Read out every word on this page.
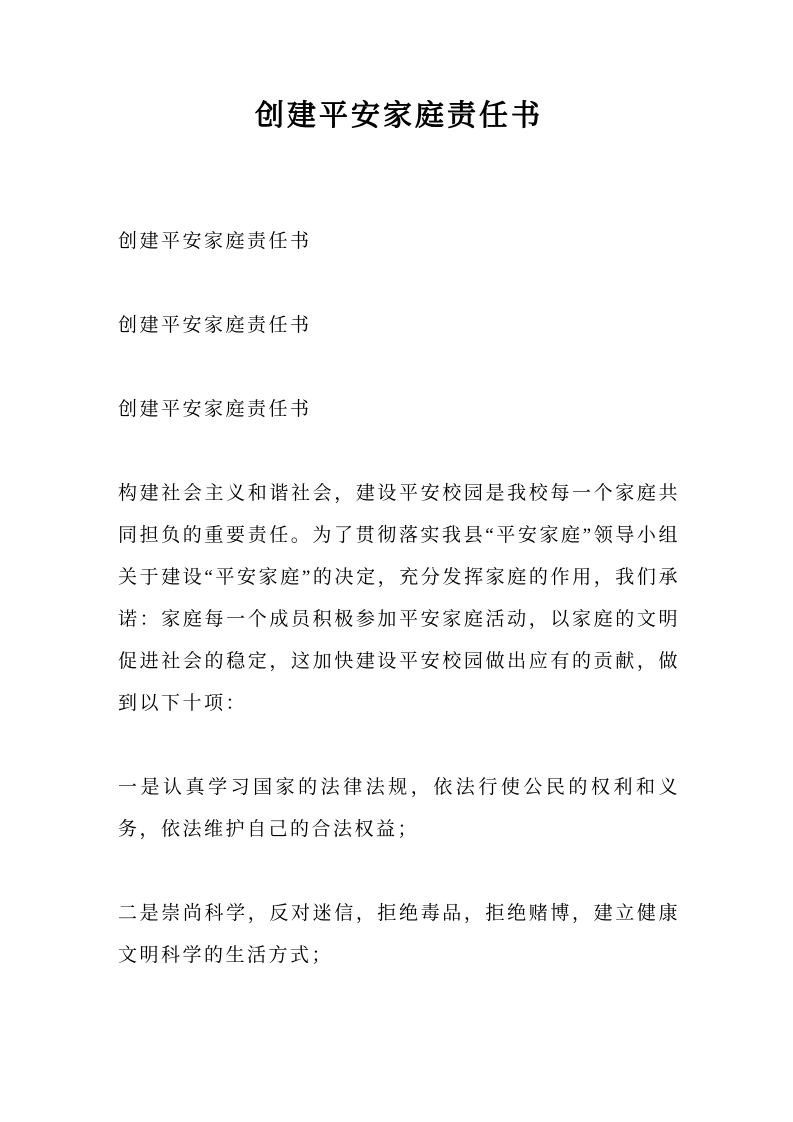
创建平安家庭责任书

创建平安家庭责任书

创建平安家庭责任书

创建平安家庭责任书

构建社会主义和谐社会，建设平安校园是我校每一个家庭共同担负的重要责任。为了贯彻落实我县“平安家庭”领导小组关于建设“平安家庭”的决定，充分发挥家庭的作用，我们承诺：家庭每一个成员积极参加平安家庭活动，以家庭的文明促进社会的稳定，这加快建设平安校园做出应有的贡献，做到以下十项：

一是认真学习国家的法律法规，依法行使公民的权利和义务，依法维护自己的合法权益；

二是崇尚科学，反对迷信，拒绝毒品，拒绝赌博，建立健康文明科学的生活方式；
